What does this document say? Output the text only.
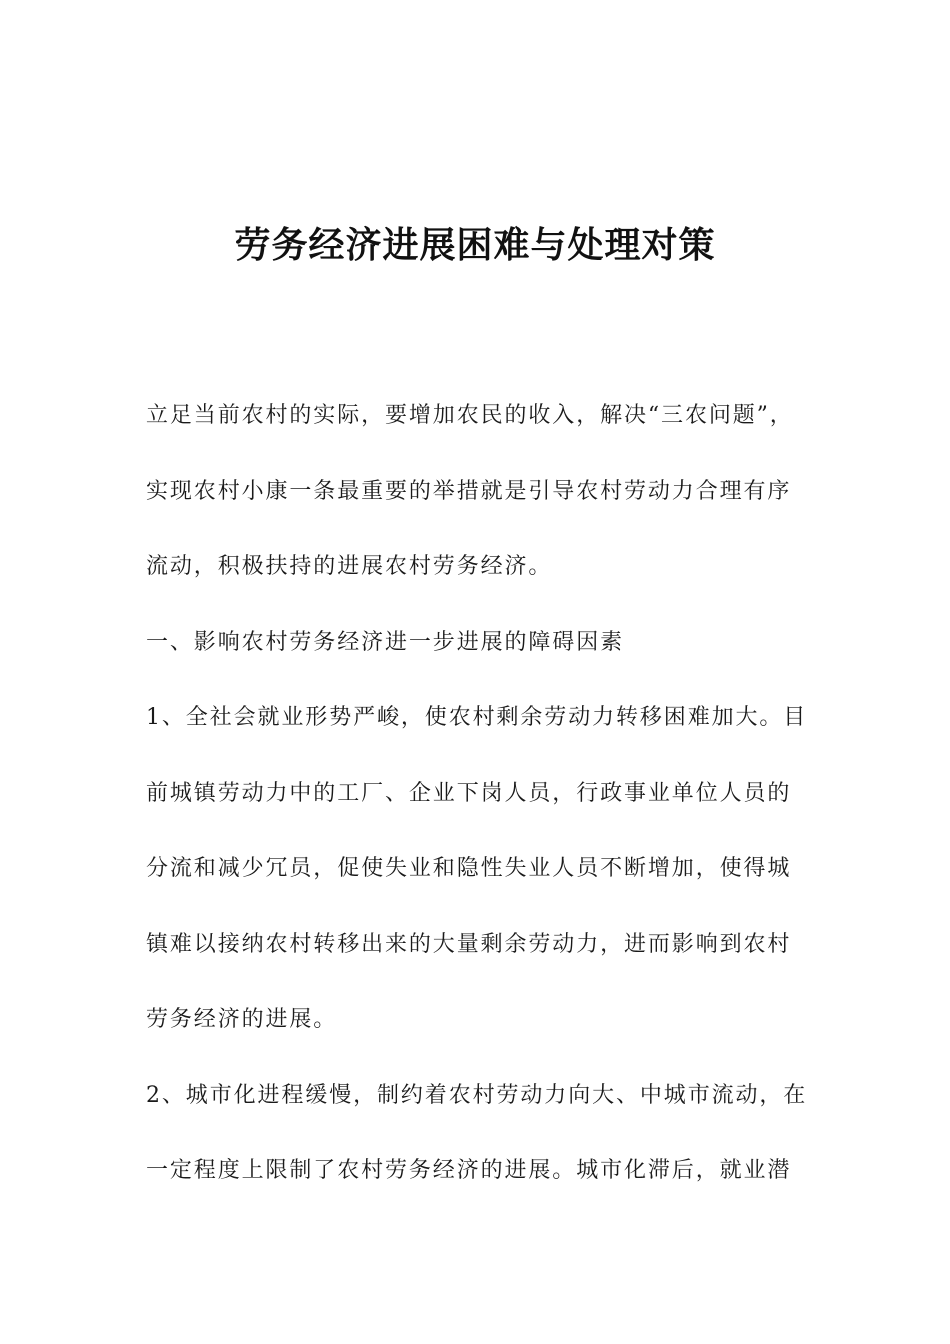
劳务经济进展困难与处理对策
立足当前农村的实际，要增加农民的收入，解决“三农问题”，
实现农村小康一条最重要的举措就是引导农村劳动力合理有序
流动，积极扶持的进展农村劳务经济。
一、影响农村劳务经济进一步进展的障碍因素
1、全社会就业形势严峻，使农村剩余劳动力转移困难加大。目
前城镇劳动力中的工厂、企业下岗人员，行政事业单位人员的
分流和减少冗员，促使失业和隐性失业人员不断增加，使得城
镇难以接纳农村转移出来的大量剩余劳动力，进而影响到农村
劳务经济的进展。
2、城市化进程缓慢，制约着农村劳动力向大、中城市流动，在
一定程度上限制了农村劳务经济的进展。城市化滞后，就业潜
